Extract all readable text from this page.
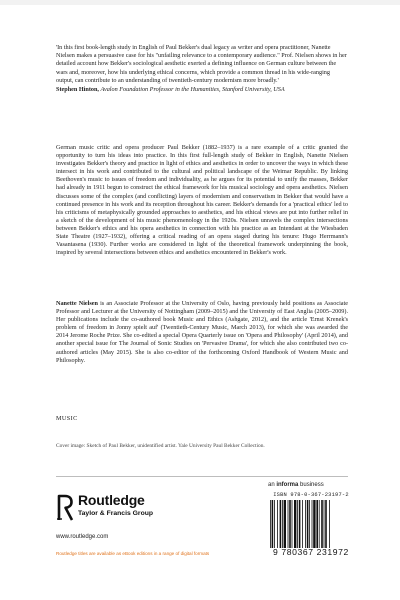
'In this first book-length study in English of Paul Bekker's dual legacy as writer and opera practitioner, Nanette Nielsen makes a persuasive case for his "unfailing relevance to a contemporary audience." Prof. Nielsen shows in her detailed account how Bekker's sociological aesthetic exerted a defining influence on German culture between the wars and, moreover, how his underlying ethical concerns, which provide a common thread in his wide-ranging output, can contribute to an understanding of twentieth-century modernism more broadly.'

Stephen Hinton, Avalon Foundation Professor in the Humanities, Stanford University, USA

German music critic and opera producer Paul Bekker (1882–1937) is a rare example of a critic granted the opportunity to turn his ideas into practice. In this first full-length study of Bekker in English, Nanette Nielsen investigates Bekker's theory and practice in light of ethics and aesthetics in order to uncover the ways in which these intersect in his work and contributed to the cultural and political landscape of the Weimar Republic. By linking Beethoven's music to issues of freedom and individuality, as he argues for its potential to unify the masses, Bekker had already in 1911 begun to construct the ethical framework for his musical sociology and opera aesthetics. Nielsen discusses some of the complex (and conflicting) layers of modernism and conservatism in Bekker that would have a continued presence in his work and its reception throughout his career. Bekker's demands for a 'practical ethics' led to his criticisms of metaphysically grounded approaches to aesthetics, and his ethical views are put into further relief in a sketch of the development of his music phenomenology in the 1920s. Nielsen unravels the complex intersections between Bekker's ethics and his opera aesthetics in connection with his practice as an Intendant at the Wiesbaden State Theatre (1927–1932), offering a critical reading of an opera staged during his tenure: Hugo Herrmann's Vasantasena (1930). Further works are considered in light of the theoretical framework underpinning the book, inspired by several intersections between ethics and aesthetics encountered in Bekker's work.

Nanette Nielsen is an Associate Professor at the University of Oslo, having previously held positions as Associate Professor and Lecturer at the University of Nottingham (2009–2015) and the University of East Anglia (2005–2009). Her publications include the co-authored book Music and Ethics (Ashgate, 2012), and the article 'Ernst Krenek's problem of freedom in Jonny spielt auf' (Twentieth-Century Music, March 2013), for which she was awarded the 2014 Jerome Roche Prize. She co-edited a special Opera Quarterly issue on 'Opera and Philosophy' (April 2014), and another special issue for The Journal of Sonic Studies on 'Pervasive Drama', for which she also contributed two co-authored articles (May 2015). She is also co-editor of the forthcoming Oxford Handbook of Western Music and Philosophy.

MUSIC
Cover image: Sketch of Paul Bekker, unidentified artist. Yale University Paul Bekker Collection.
an informa business
Routledge
Taylor & Francis Group
www.routledge.com
Routledge titles are available as eBook editions in a range of digital formats
ISBN 978-0-367-23197-2
9 780367 231972
